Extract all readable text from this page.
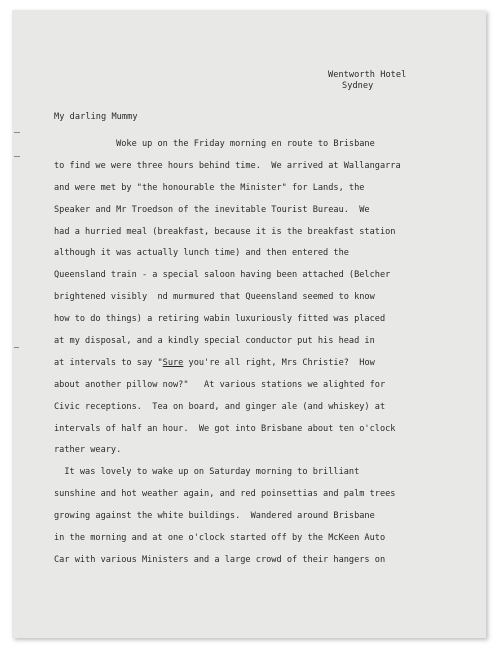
Wentworth Hotel
Sydney
My darling Mummy
Woke up on the Friday morning en route to Brisbane
to find we were three hours behind time.  We arrived at Wallangarra
and were met by "the honourable the Minister" for Lands, the
Speaker and Mr Troedson of the inevitable Tourist Bureau.  We
had a hurried meal (breakfast, because it is the breakfast station
although it was actually lunch time) and then entered the
Queensland train - a special saloon having been attached (Belcher
brightened visibly  nd murmured that Queensland seemed to know
how to do things) a retiring wabin luxuriously fitted was placed
at my disposal, and a kindly special conductor put his head in
at intervals to say "Sure you're all right, Mrs Christie?  How
about another pillow now?"   At various stations we alighted for
Civic receptions.  Tea on board, and ginger ale (and whiskey) at
intervals of half an hour.  We got into Brisbane about ten o'clock
rather weary.
It was lovely to wake up on Saturday morning to brilliant
sunshine and hot weather again, and red poinsettias and palm trees
growing against the white buildings.  Wandered around Brisbane
in the morning and at one o'clock started off by the McKeen Auto
Car with various Ministers and a large crowd of their hangers on
